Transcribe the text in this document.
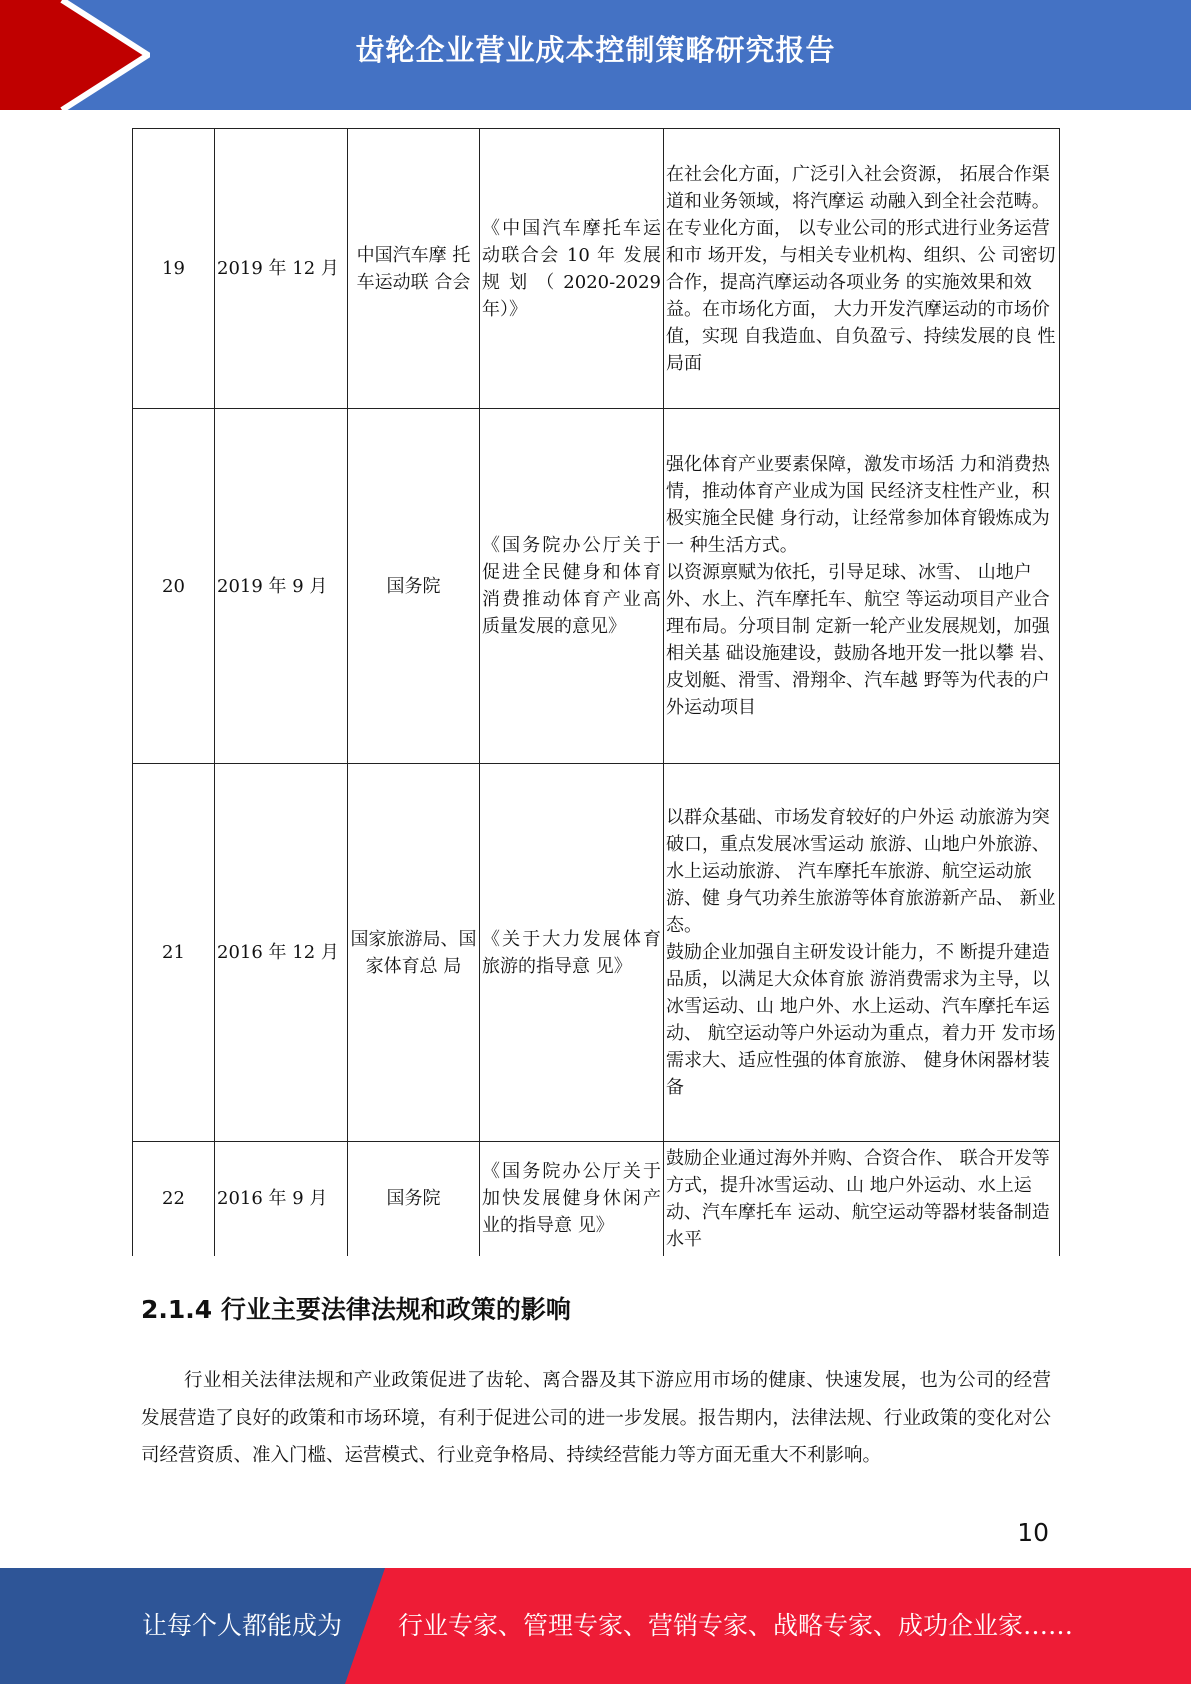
齿轮企业营业成本控制策略研究报告
19	2019 年 12 月	中国汽车摩 托车运动联 合会	《中国汽车摩托车运动联合会 10 年 发展规划（2020-2029 年）》	在社会化方面，广泛引入社会资源， 拓展合作渠道和业务领域，将汽摩运 动融入到全社会范畴。在专业化方面， 以专业公司的形式进行业务运营和市 场开发，与相关专业机构、组织、公 司密切合作，提高汽摩运动各项业务 的实施效果和效益。在市场化方面， 大力开发汽摩运动的市场价值，实现 自我造血、自负盈亏、持续发展的良 性局面

20	2019 年 9 月	国务院	《国务院办公厅关于促进全民健身和体育消费推动体育产业高质量发展的意见》	强化体育产业要素保障，激发市场活 力和消费热情，推动体育产业成为国 民经济支柱性产业，积极实施全民健 身行动，让经常参加体育锻炼成为一 种生活方式。
以资源禀赋为依托，引导足球、冰雪、 山地户外、水上、汽车摩托车、航空 等运动项目产业合理布局。分项目制 定新一轮产业发展规划，加强相关基 础设施建设，鼓励各地开发一批以攀 岩、皮划艇、滑雪、滑翔伞、汽车越 野等为代表的户外运动项目

21	2016 年 12 月	国家旅游局、国家体育总 局	《关于大力发展体育旅游的指导意 见》	以群众基础、市场发育较好的户外运 动旅游为突破口，重点发展冰雪运动 旅游、山地户外旅游、水上运动旅游、 汽车摩托车旅游、航空运动旅游、健 身气功养生旅游等体育旅游新产品、 新业态。
鼓励企业加强自主研发设计能力，不 断提升建造品质，以满足大众体育旅 游消费需求为主导，以冰雪运动、山 地户外、水上运动、汽车摩托车运动、 航空运动等户外运动为重点，着力开 发市场需求大、适应性强的体育旅游、 健身休闲器材装备

22	2016 年 9 月	国务院	《国务院办公厅关于加快发展健身休闲产业的指导意 见》	鼓励企业通过海外并购、合资合作、 联合开发等方式，提升冰雪运动、山 地户外运动、水上运动、汽车摩托车 运动、航空运动等器材装备制造水平
2.1.4 行业主要法律法规和政策的影响

行业相关法律法规和产业政策促进了齿轮、离合器及其下游应用市场的健康、快速发展，也为公司的经营发展营造了良好的政策和市场环境，有利于促进公司的进一步发展。报告期内，法律法规、行业政策的变化对公司经营资质、准入门槛、运营模式、行业竞争格局、持续经营能力等方面无重大不利影响。

10
让每个人都能成为 行业专家、管理专家、营销专家、战略专家、成功企业家……
